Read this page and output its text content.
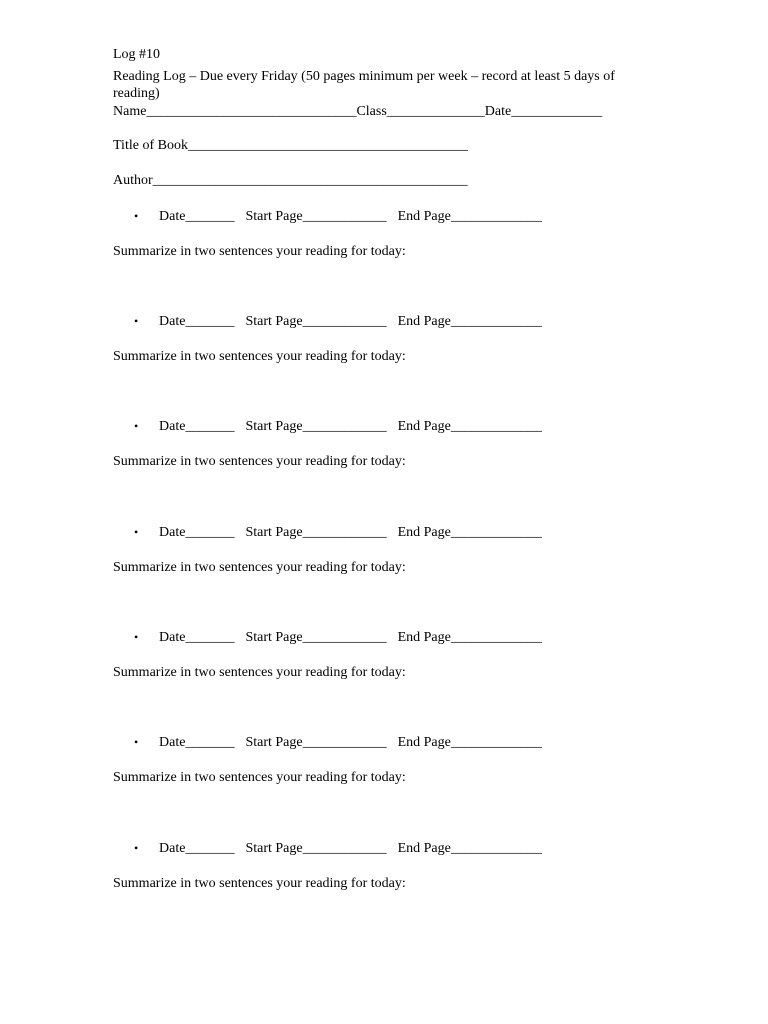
Log #10
Reading Log – Due every Friday (50 pages minimum per week – record at least 5 days of
reading)
Name______________________________Class______________Date_____________
Title of Book________________________________________
Author_____________________________________________
• Date_______ Start Page____________ End Page_____________
Summarize in two sentences your reading for today:
• Date_______ Start Page____________ End Page_____________
Summarize in two sentences your reading for today:
• Date_______ Start Page____________ End Page_____________
Summarize in two sentences your reading for today:
• Date_______ Start Page____________ End Page_____________
Summarize in two sentences your reading for today:
• Date_______ Start Page____________ End Page_____________
Summarize in two sentences your reading for today:
• Date_______ Start Page____________ End Page_____________
Summarize in two sentences your reading for today:
• Date_______ Start Page____________ End Page_____________
Summarize in two sentences your reading for today:
